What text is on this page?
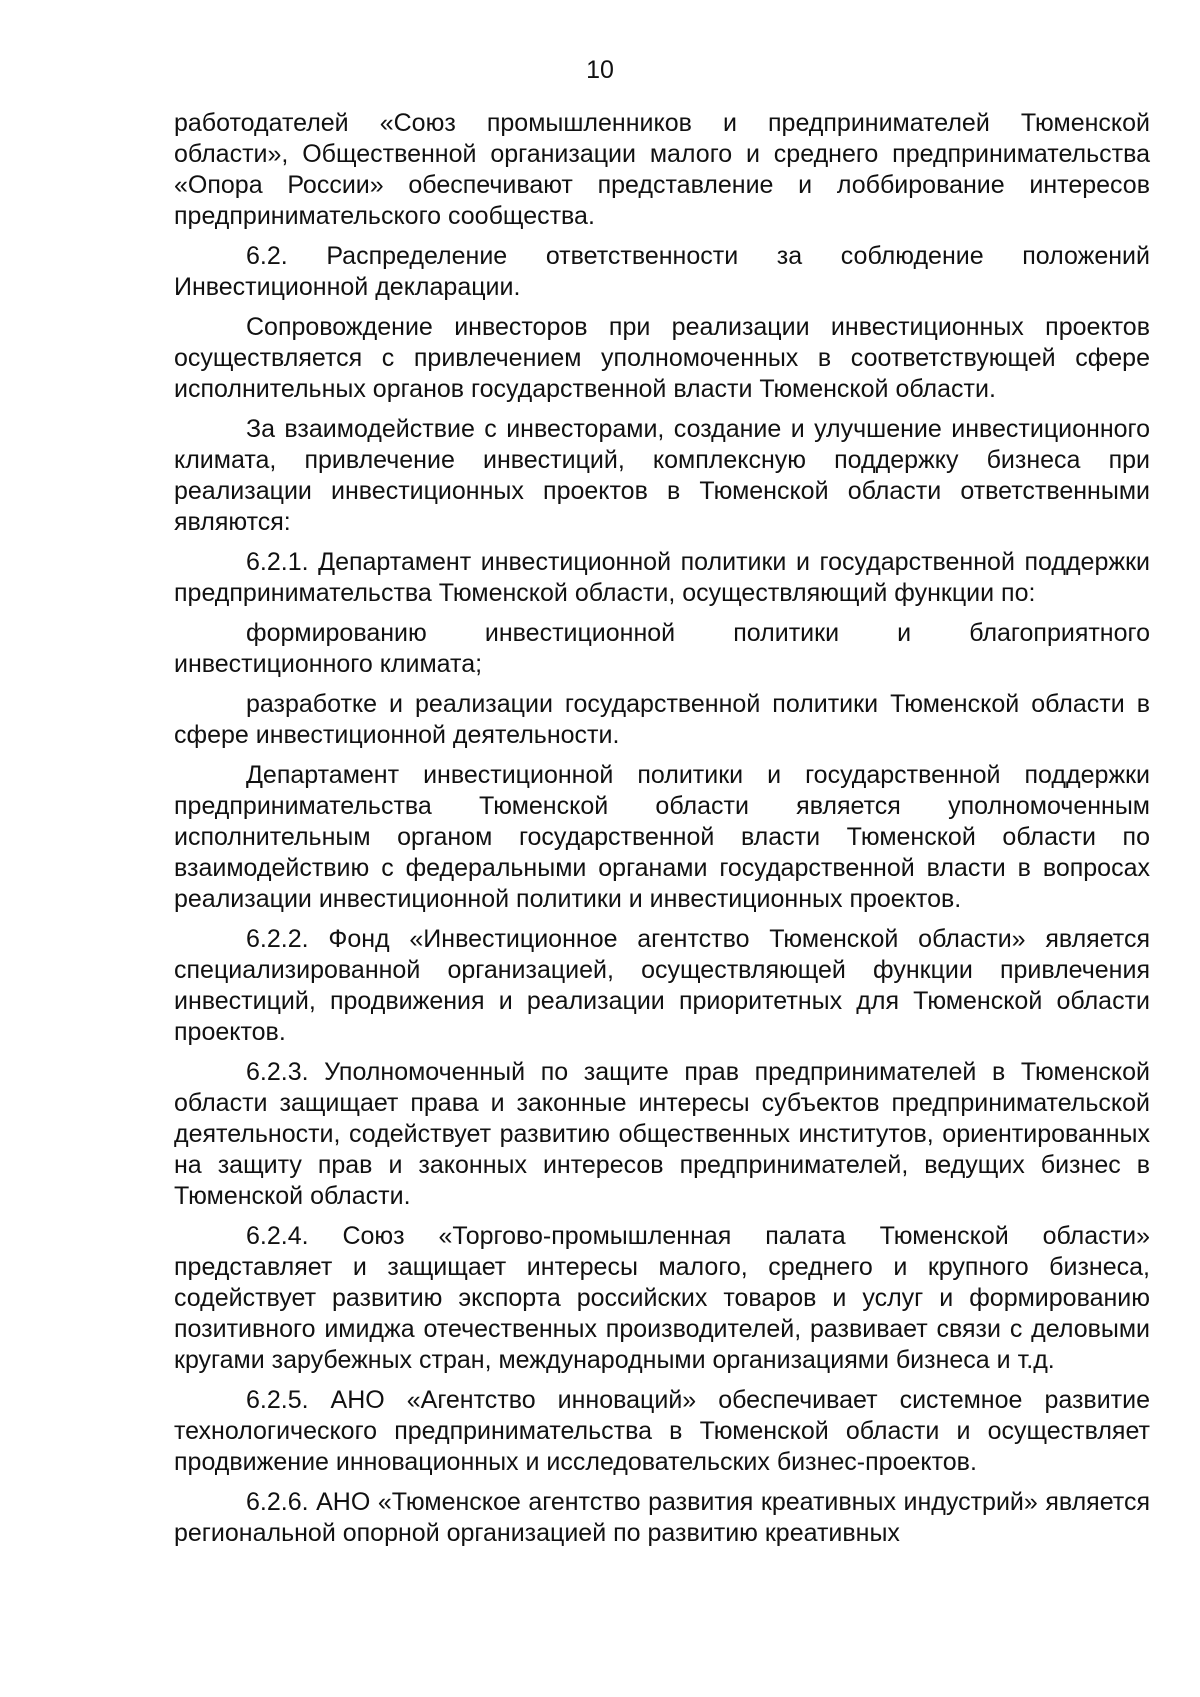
10

работодателей «Союз промышленников и предпринимателей Тюменской области», Общественной организации малого и среднего предпринимательства «Опора России» обеспечивают представление и лоббирование интересов предпринимательского сообщества.

6.2. Распределение ответственности за соблюдение положений Инвестиционной декларации.

Сопровождение инвесторов при реализации инвестиционных проектов осуществляется с привлечением уполномоченных в соответствующей сфере исполнительных органов государственной власти Тюменской области.

За взаимодействие с инвесторами, создание и улучшение инвестиционного климата, привлечение инвестиций, комплексную поддержку бизнеса при реализации инвестиционных проектов в Тюменской области ответственными являются:

6.2.1. Департамент инвестиционной политики и государственной поддержки предпринимательства Тюменской области, осуществляющий функции по:

формированию инвестиционной политики и благоприятного инвестиционного климата;

разработке и реализации государственной политики Тюменской области в сфере инвестиционной деятельности.

Департамент инвестиционной политики и государственной поддержки предпринимательства Тюменской области является уполномоченным исполнительным органом государственной власти Тюменской области по взаимодействию с федеральными органами государственной власти в вопросах реализации инвестиционной политики и инвестиционных проектов.

6.2.2. Фонд «Инвестиционное агентство Тюменской области» является специализированной организацией, осуществляющей функции привлечения инвестиций, продвижения и реализации приоритетных для Тюменской области проектов.

6.2.3. Уполномоченный по защите прав предпринимателей в Тюменской области защищает права и законные интересы субъектов предпринимательской деятельности, содействует развитию общественных институтов, ориентированных на защиту прав и законных интересов предпринимателей, ведущих бизнес в Тюменской области.

6.2.4. Союз «Торгово-промышленная палата Тюменской области» представляет и защищает интересы малого, среднего и крупного бизнеса, содействует развитию экспорта российских товаров и услуг и формированию позитивного имиджа отечественных производителей, развивает связи с деловыми кругами зарубежных стран, международными организациями бизнеса и т.д.

6.2.5. АНО «Агентство инноваций» обеспечивает системное развитие технологического предпринимательства в Тюменской области и осуществляет продвижение инновационных и исследовательских бизнес-проектов.

6.2.6. АНО «Тюменское агентство развития креативных индустрий» является региональной опорной организацией по развитию креативных
